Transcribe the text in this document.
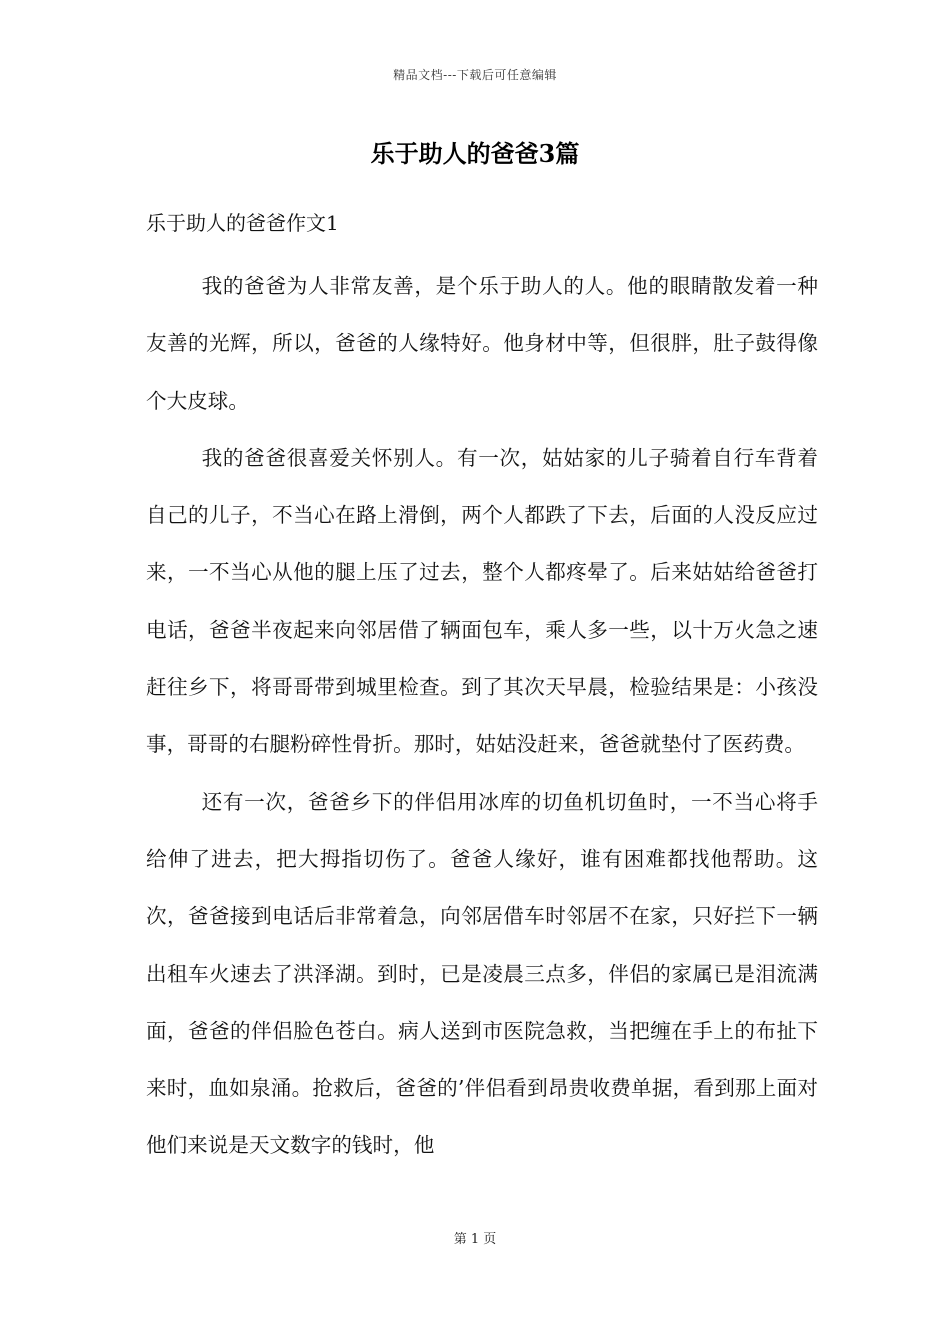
精品文档---下载后可任意编辑
乐于助人的爸爸3篇
乐于助人的爸爸作文1

我的爸爸为人非常友善，是个乐于助人的人。他的眼睛散发着一种友善的光辉，所以，爸爸的人缘特好。他身材中等，但很胖，肚子鼓得像个大皮球。

我的爸爸很喜爱关怀别人。有一次，姑姑家的儿子骑着自行车背着自己的儿子，不当心在路上滑倒，两个人都跌了下去，后面的人没反应过来，一不当心从他的腿上压了过去，整个人都疼晕了。后来姑姑给爸爸打电话，爸爸半夜起来向邻居借了辆面包车，乘人多一些，以十万火急之速赶往乡下，将哥哥带到城里检查。到了其次天早晨，检验结果是：小孩没事，哥哥的右腿粉碎性骨折。那时，姑姑没赶来，爸爸就垫付了医药费。

还有一次，爸爸乡下的伴侣用冰库的切鱼机切鱼时，一不当心将手给伸了进去，把大拇指切伤了。爸爸人缘好，谁有困难都找他帮助。这次，爸爸接到电话后非常着急，向邻居借车时邻居不在家，只好拦下一辆出租车火速去了洪泽湖。到时，已是凌晨三点多，伴侣的家属已是泪流满面，爸爸的伴侣脸色苍白。病人送到市医院急救，当把缠在手上的布扯下来时，血如泉涌。抢救后，爸爸的’伴侣看到昂贵收费单据，看到那上面对他们来说是天文数字的钱时，他

第 1 页
